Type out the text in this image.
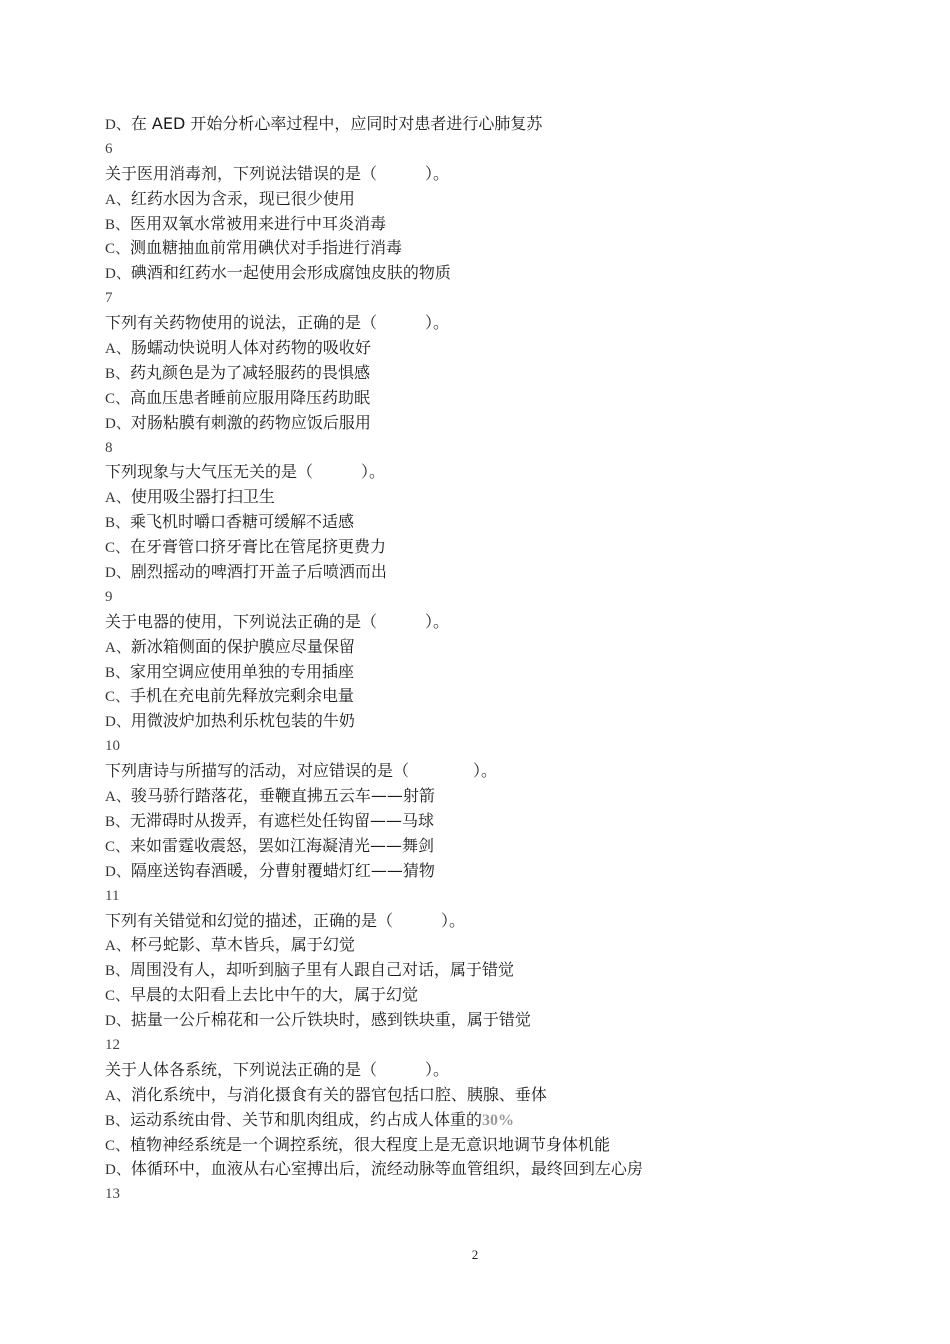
D、在 AED 开始分析心率过程中，应同时对患者进行心肺复苏
6
关于医用消毒剂，下列说法错误的是（　　　）。
A、红药水因为含汞，现已很少使用
B、医用双氧水常被用来进行中耳炎消毒
C、测血糖抽血前常用碘伏对手指进行消毒
D、碘酒和红药水一起使用会形成腐蚀皮肤的物质
7
下列有关药物使用的说法，正确的是（　　　）。
A、肠蠕动快说明人体对药物的吸收好
B、药丸颜色是为了减轻服药的畏惧感
C、高血压患者睡前应服用降压药助眠
D、对肠粘膜有刺激的药物应饭后服用
8
下列现象与大气压无关的是（　　　）。
A、使用吸尘器打扫卫生
B、乘飞机时嚼口香糖可缓解不适感
C、在牙膏管口挤牙膏比在管尾挤更费力
D、剧烈摇动的啤酒打开盖子后喷洒而出
9
关于电器的使用，下列说法正确的是（　　　）。
A、新冰箱侧面的保护膜应尽量保留
B、家用空调应使用单独的专用插座
C、手机在充电前先释放完剩余电量
D、用微波炉加热利乐枕包装的牛奶
10
下列唐诗与所描写的活动，对应错误的是（　　　　）。
A、骏马骄行踏落花，垂鞭直拂五云车——射箭
B、无滞碍时从拨弄，有遮栏处任钩留——马球
C、来如雷霆收震怒，罢如江海凝清光——舞剑
D、隔座送钩春酒暖，分曹射覆蜡灯红——猜物
11
下列有关错觉和幻觉的描述，正确的是（　　　）。
A、杯弓蛇影、草木皆兵，属于幻觉
B、周围没有人，却听到脑子里有人跟自己对话，属于错觉
C、早晨的太阳看上去比中午的大，属于幻觉
D、掂量一公斤棉花和一公斤铁块时，感到铁块重，属于错觉
12
关于人体各系统，下列说法正确的是（　　　）。
A、消化系统中，与消化摄食有关的器官包括口腔、胰腺、垂体
B、运动系统由骨、关节和肌肉组成，约占成人体重的30%
C、植物神经系统是一个调控系统，很大程度上是无意识地调节身体机能
D、体循环中，血液从右心室搏出后，流经动脉等血管组织，最终回到左心房
13
2
